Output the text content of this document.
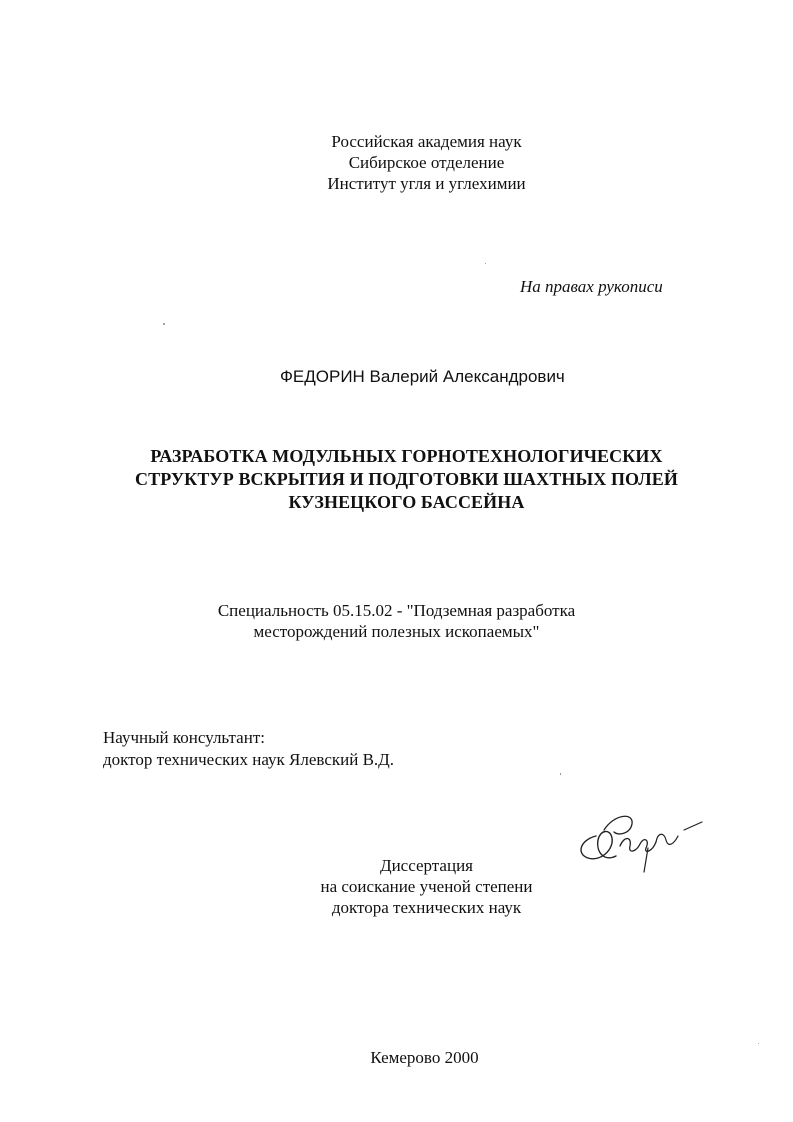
Российская академия наук
Сибирское отделение
Институт угля и углехимии
На правах рукописи
ФЕДОРИН Валерий Александрович
РАЗРАБОТКА МОДУЛЬНЫХ ГОРНОТЕХНОЛОГИЧЕСКИХ
СТРУКТУР ВСКРЫТИЯ И ПОДГОТОВКИ ШАХТНЫХ ПОЛЕЙ
КУЗНЕЦКОГО БАССЕЙНА
Специальность 05.15.02 - "Подземная разработка
месторождений полезных ископаемых"
Научный консультант:
доктор технических наук Ялевский В.Д.
Диссертация
на соискание ученой степени
доктора технических наук
Кемерово 2000
